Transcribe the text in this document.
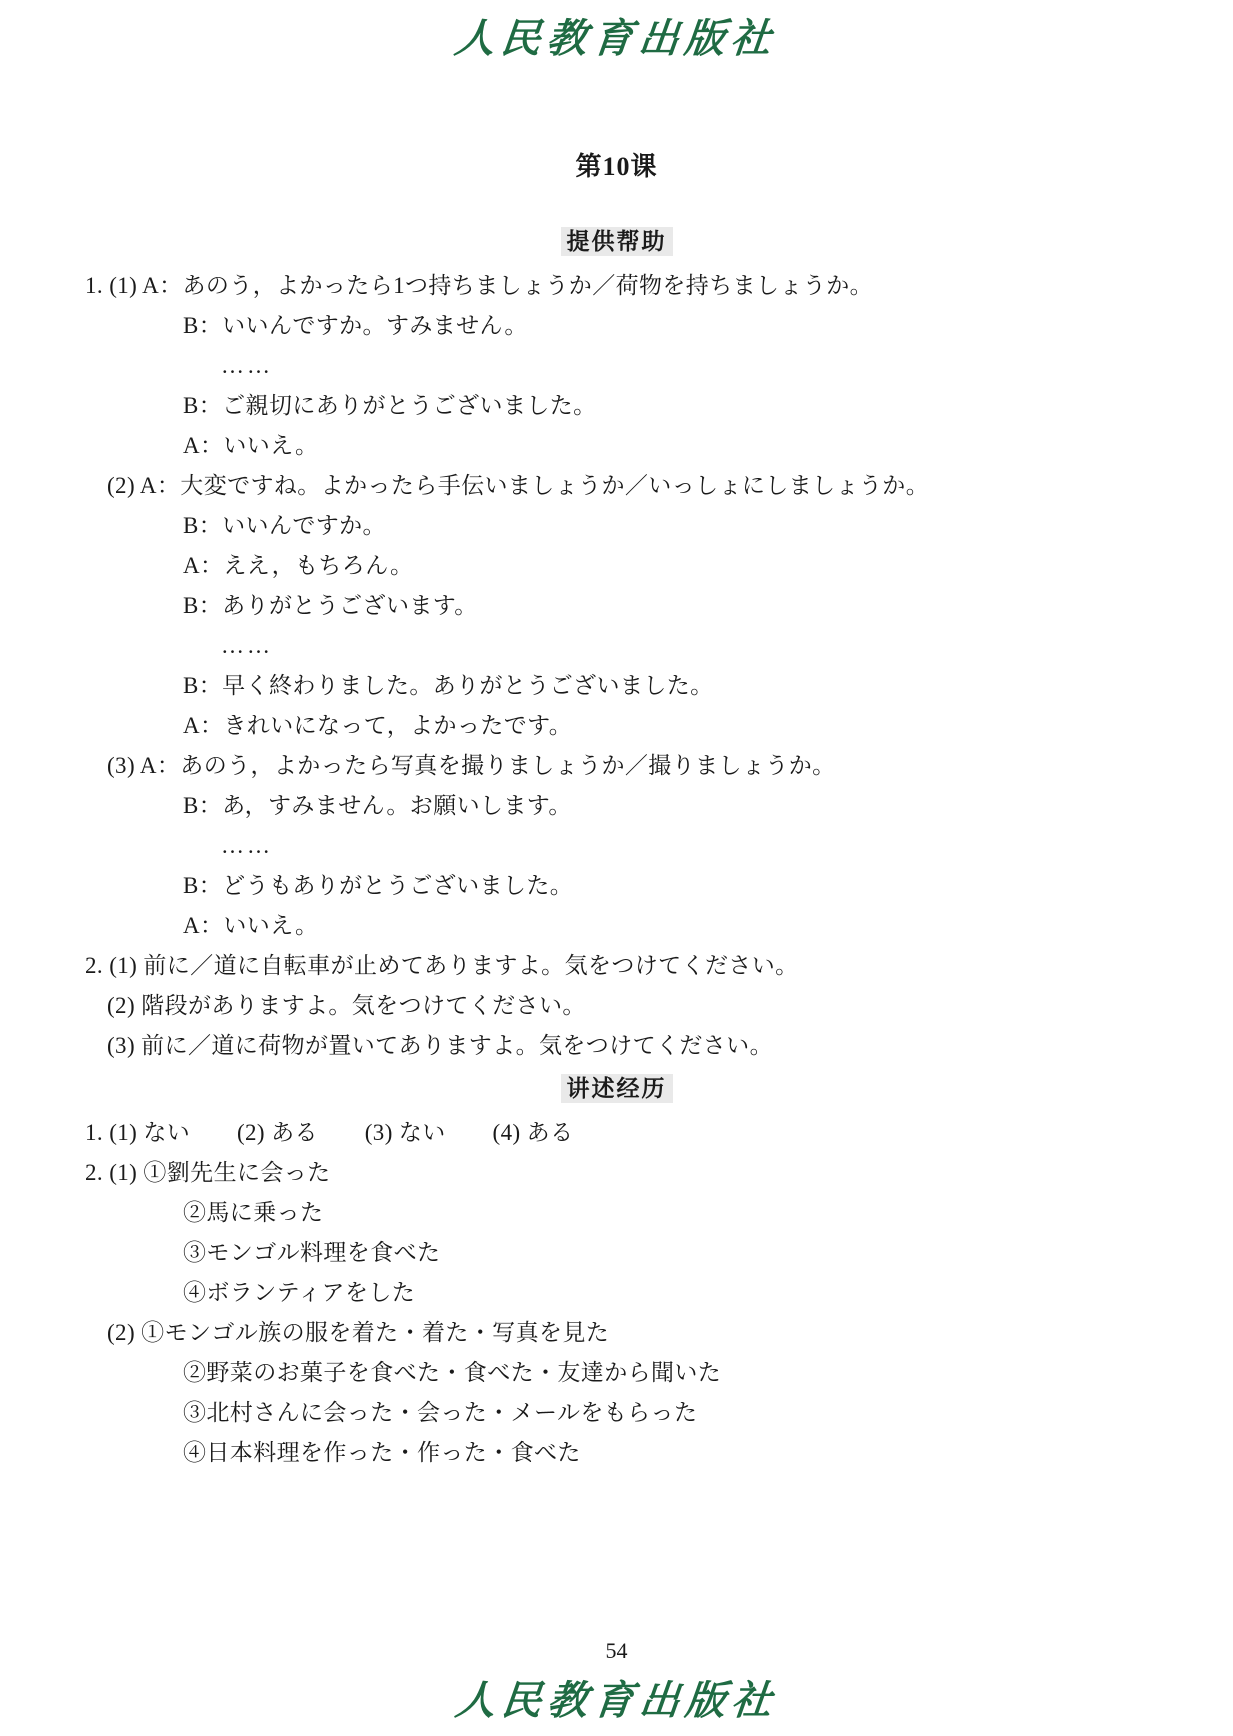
人民教育出版社
第10课
提供帮助
1. (1) A：あのう，よかったら1つ持ちましょうか／荷物を持ちましょうか。
B：いいんですか。すみません。
……
B：ご親切にありがとうございました。
A：いいえ。
(2) A：大変ですね。よかったら手伝いましょうか／いっしょにしましょうか。
B：いいんですか。
A：ええ，もちろん。
B：ありがとうございます。
……
B：早く終わりました。ありがとうございました。
A：きれいになって，よかったです。
(3) A：あのう，よかったら写真を撮りましょうか／撮りましょうか。
B：あ，すみません。お願いします。
……
B：どうもありがとうございました。
A：いいえ。
2. (1) 前に／道に自転車が止めてありますよ。気をつけてください。
(2) 階段がありますよ。気をつけてください。
(3) 前に／道に荷物が置いてありますよ。気をつけてください。
讲述经历
1. (1) ない　　(2) ある　　(3) ない　　(4) ある
2. (1) ①劉先生に会った
②馬に乗った
③モンゴル料理を食べた
④ボランティアをした
(2) ①モンゴル族の服を着た・着た・写真を見た
②野菜のお菓子を食べた・食べた・友達から聞いた
③北村さんに会った・会った・メールをもらった
④日本料理を作った・作った・食べた
54
人民教育出版社
